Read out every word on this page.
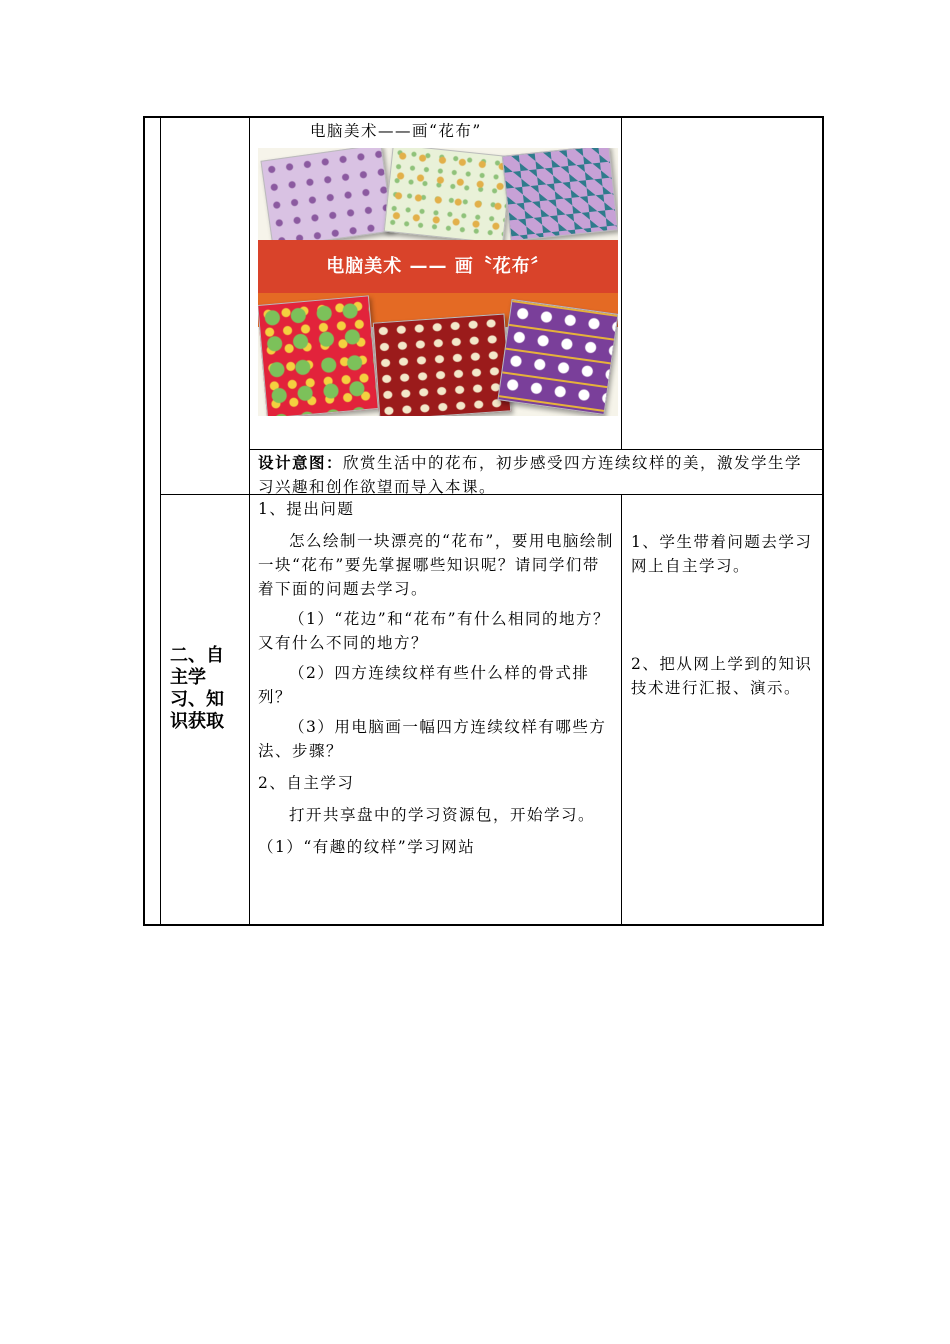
电脑美术——画“花布”
电脑美术 —— 画〝花布〞

设计意图：欣赏生活中的花布，初步感受四方连续纹样的美，激发学生学习兴趣和创作欲望而导入本课。

二、自主学习、知识获取

1、提出问题

怎么绘制一块漂亮的“花布”，要用电脑绘制一块“花布”要先掌握哪些知识呢？请同学们带着下面的问题去学习。

（1）“花边”和“花布”有什么相同的地方？又有什么不同的地方？

（2）四方连续纹样有些什么样的骨式排列？

（3）用电脑画一幅四方连续纹样有哪些方法、步骤？

2、自主学习

打开共享盘中的学习资源包，开始学习。

（1）“有趣的纹样”学习网站

1、学生带着问题去学习网上自主学习。

2、把从网上学到的知识技术进行汇报、演示。
